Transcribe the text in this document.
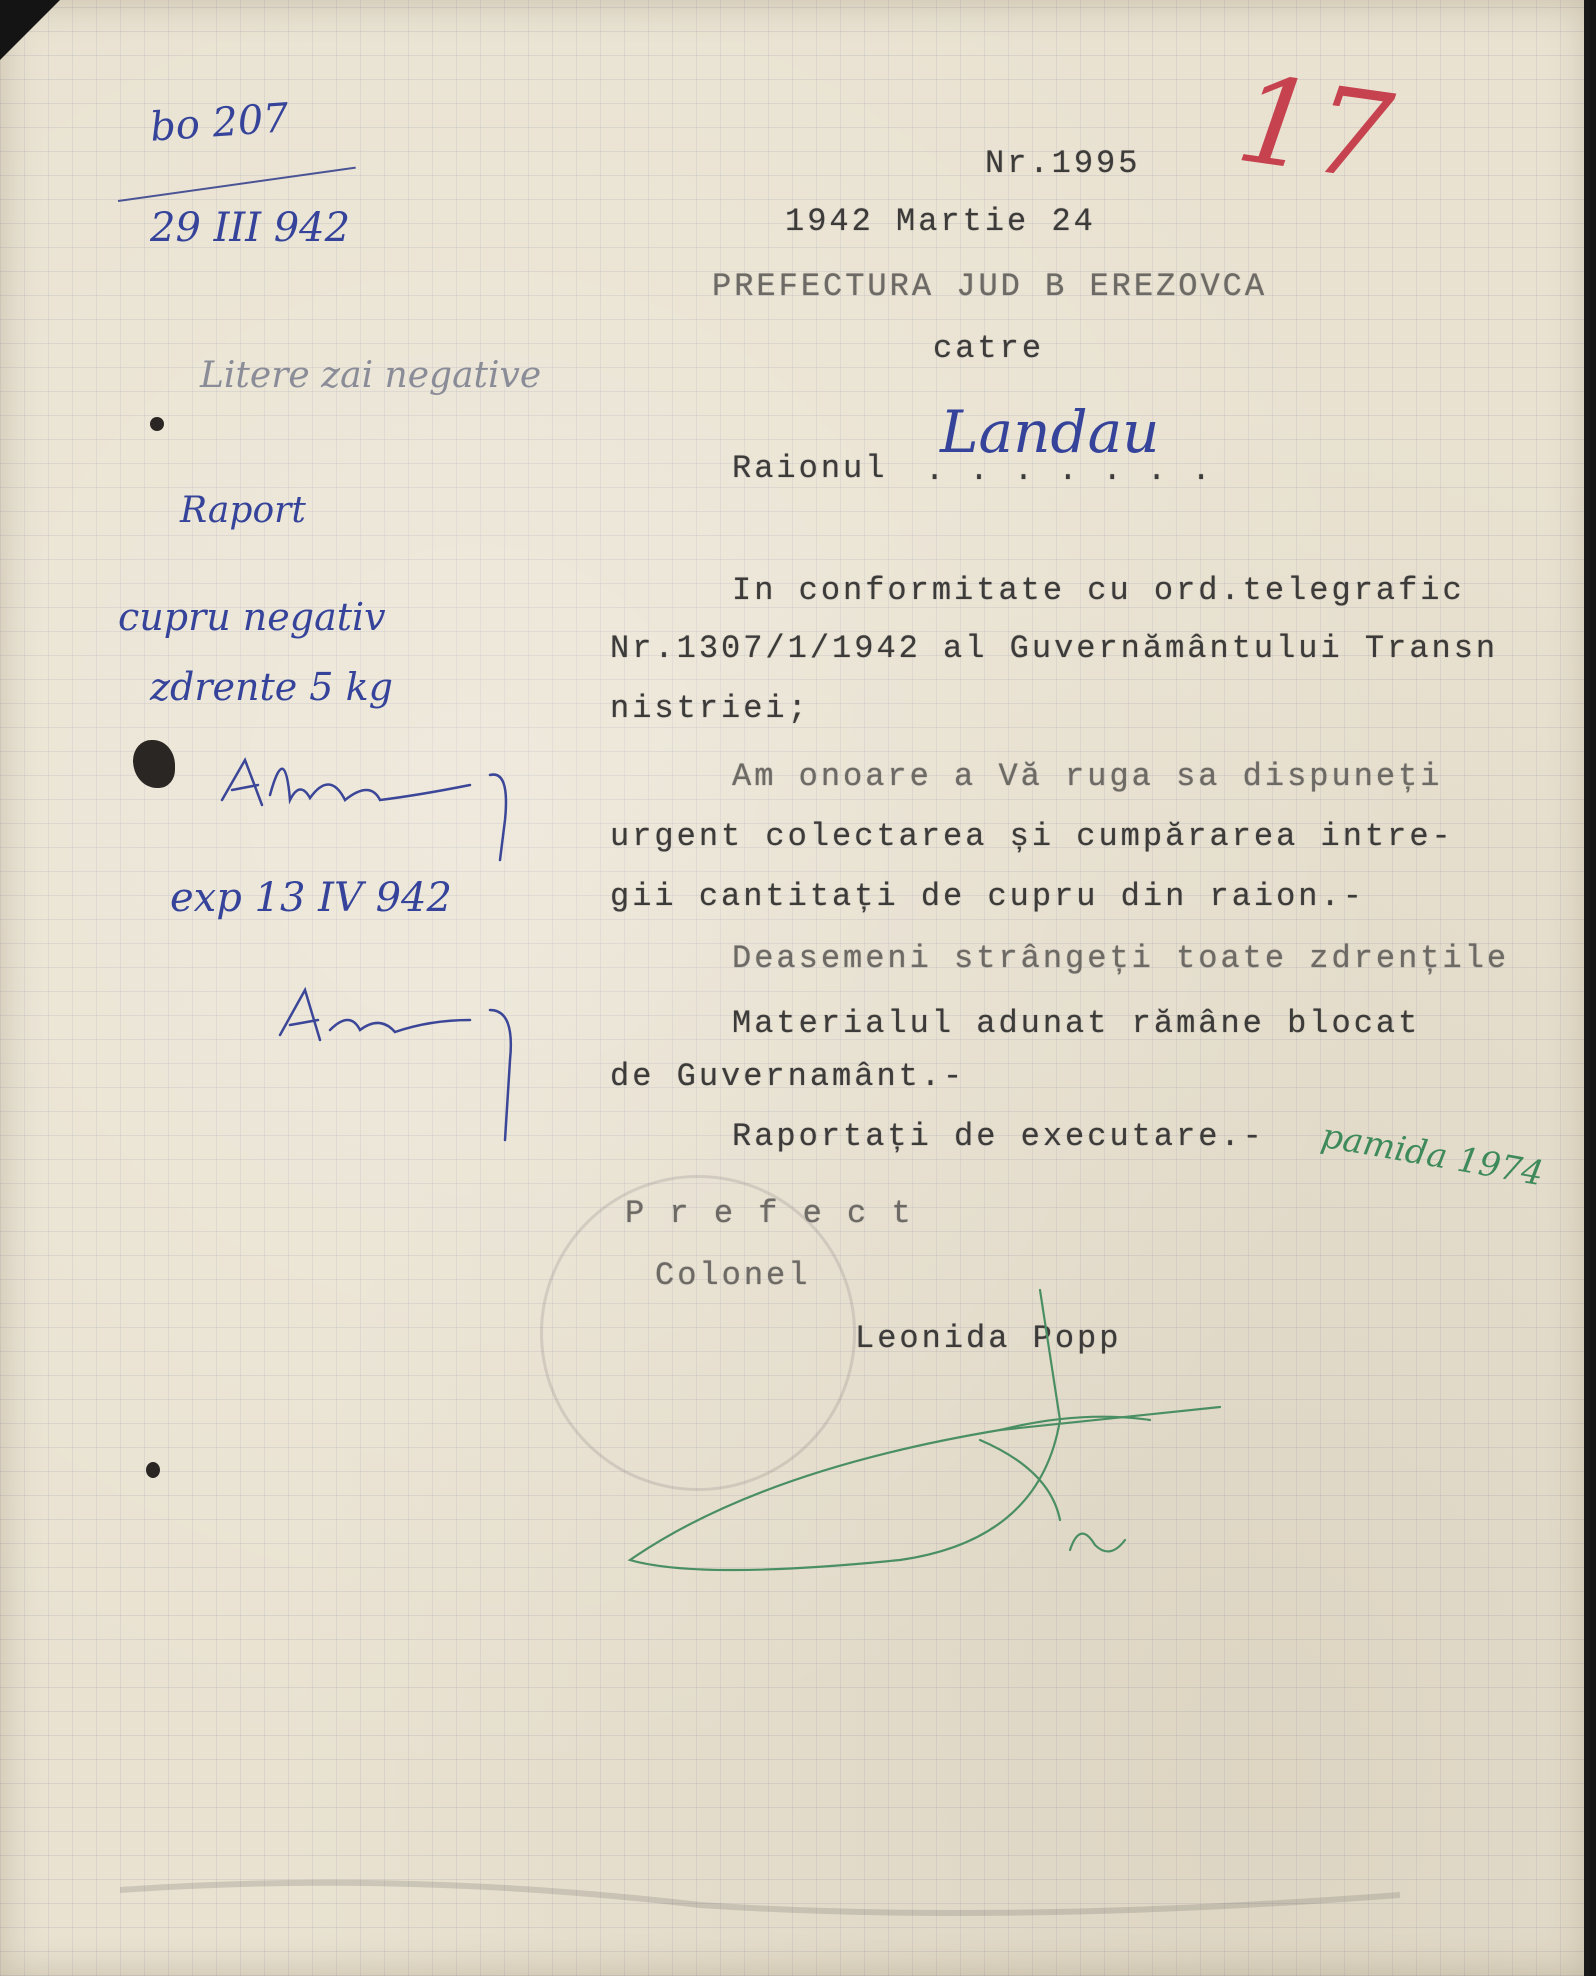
Nr.1995
1942 Martie 24
PREFECTURA JUD B EREZOVCA
catre
Raionul . . . . . . .
Landau
In conformitate cu ord.telegrafic
Nr.1307/1/1942 al Guvernământului Transn
nistriei;
Am onoare a Vă ruga sa dispuneți
urgent colectarea și cumpărarea intre-
gii cantitați de cupru din raion.-
Deasemeni strângeți toate zdrențile
Materialul adunat rămâne blocat
de Guvernamânt.-
Raportați de executare.- pamida 1974
P r e f e c t
Colonel
Leonida Popp
bo 207
29 III 942
Litere zai negative
Raport
cupru negativ
zdrente 5 kg
exp 13 IV 942
17
